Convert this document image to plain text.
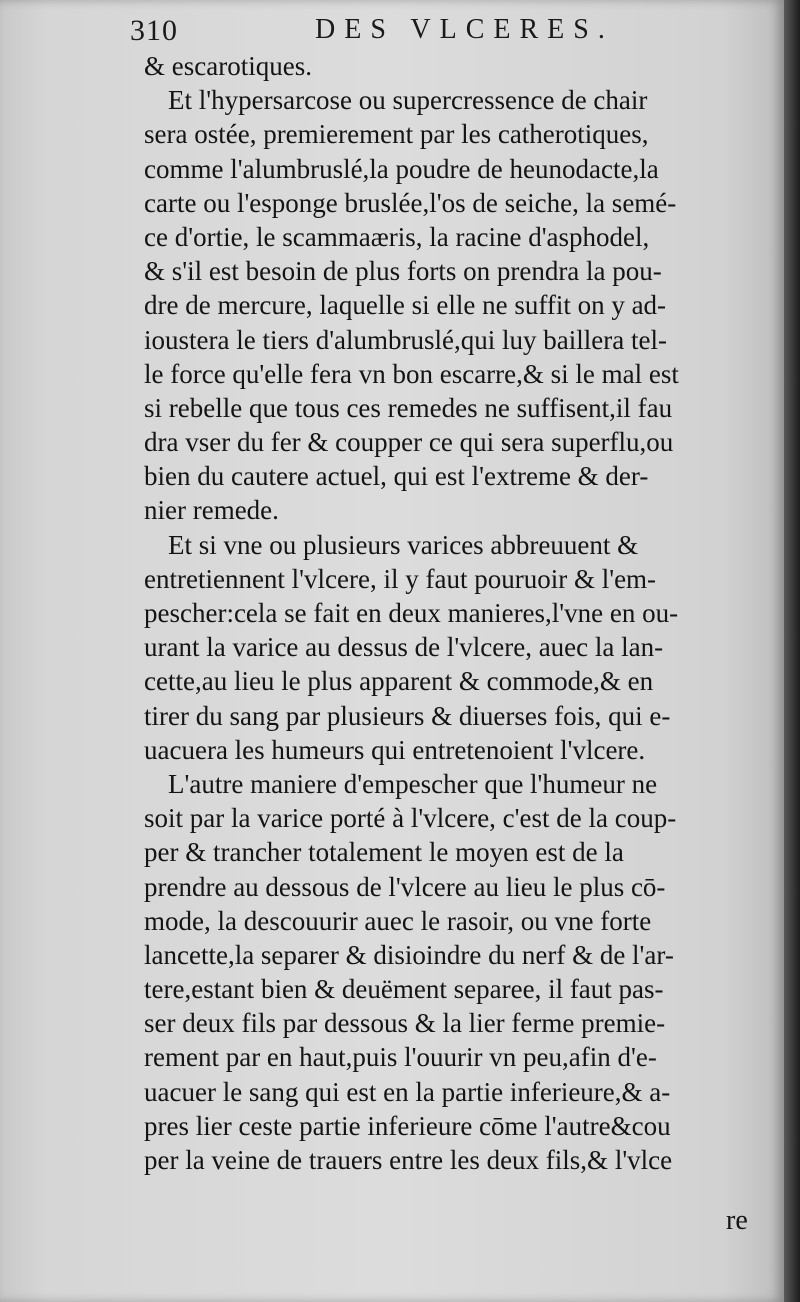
310	DES VLCERES.
& escarotiques.
Et l'hypersarcose ou supercressence de chair
sera ostée, premierement par les catherotiques,
comme l'alumbruslé,la poudre de heunodacte,la
carte ou l'esponge bruslée,l'os de seiche, la semé-
ce d'ortie, le scammaæris, la racine d'asphodel,
& s'il est besoin de plus forts on prendra la pou-
dre de mercure, laquelle si elle ne suffit on y ad-
ioustera le tiers d'alumbruslé,qui luy baillera tel-
le force qu'elle fera vn bon escarre,& si le mal est
si rebelle que tous ces remedes ne suffisent,il fau
dra vser du fer & coupper ce qui sera superflu,ou
bien du cautere actuel, qui est l'extreme & der-
nier remede.
Et si vne ou plusieurs varices abbreuuent &
entretiennent l'vlcere, il y faut pouruoir & l'em-
pescher:cela se fait en deux manieres,l'vne en ou-
urant la varice au dessus de l'vlcere, auec la lan-
cette,au lieu le plus apparent & commode,& en
tirer du sang par plusieurs & diuerses fois, qui e-
uacuera les humeurs qui entretenoient l'vlcere.
L'autre maniere d'empescher que l'humeur ne
soit par la varice porté à l'vlcere, c'est de la coup-
per & trancher totalement le moyen est de la
prendre au dessous de l'vlcere au lieu le plus cō-
mode, la descouurir auec le rasoir, ou vne forte
lancette,la separer & disioindre du nerf & de l'ar-
tere,estant bien & deuëment separee, il faut pas-
ser deux fils par dessous & la lier ferme premie-
rement par en haut,puis l'ouurir vn peu,afin d'e-
uacuer le sang qui est en la partie inferieure,& a-
pres lier ceste partie inferieure cōme l'autre&cou
per la veine de trauers entre les deux fils,& l'vlce
re
